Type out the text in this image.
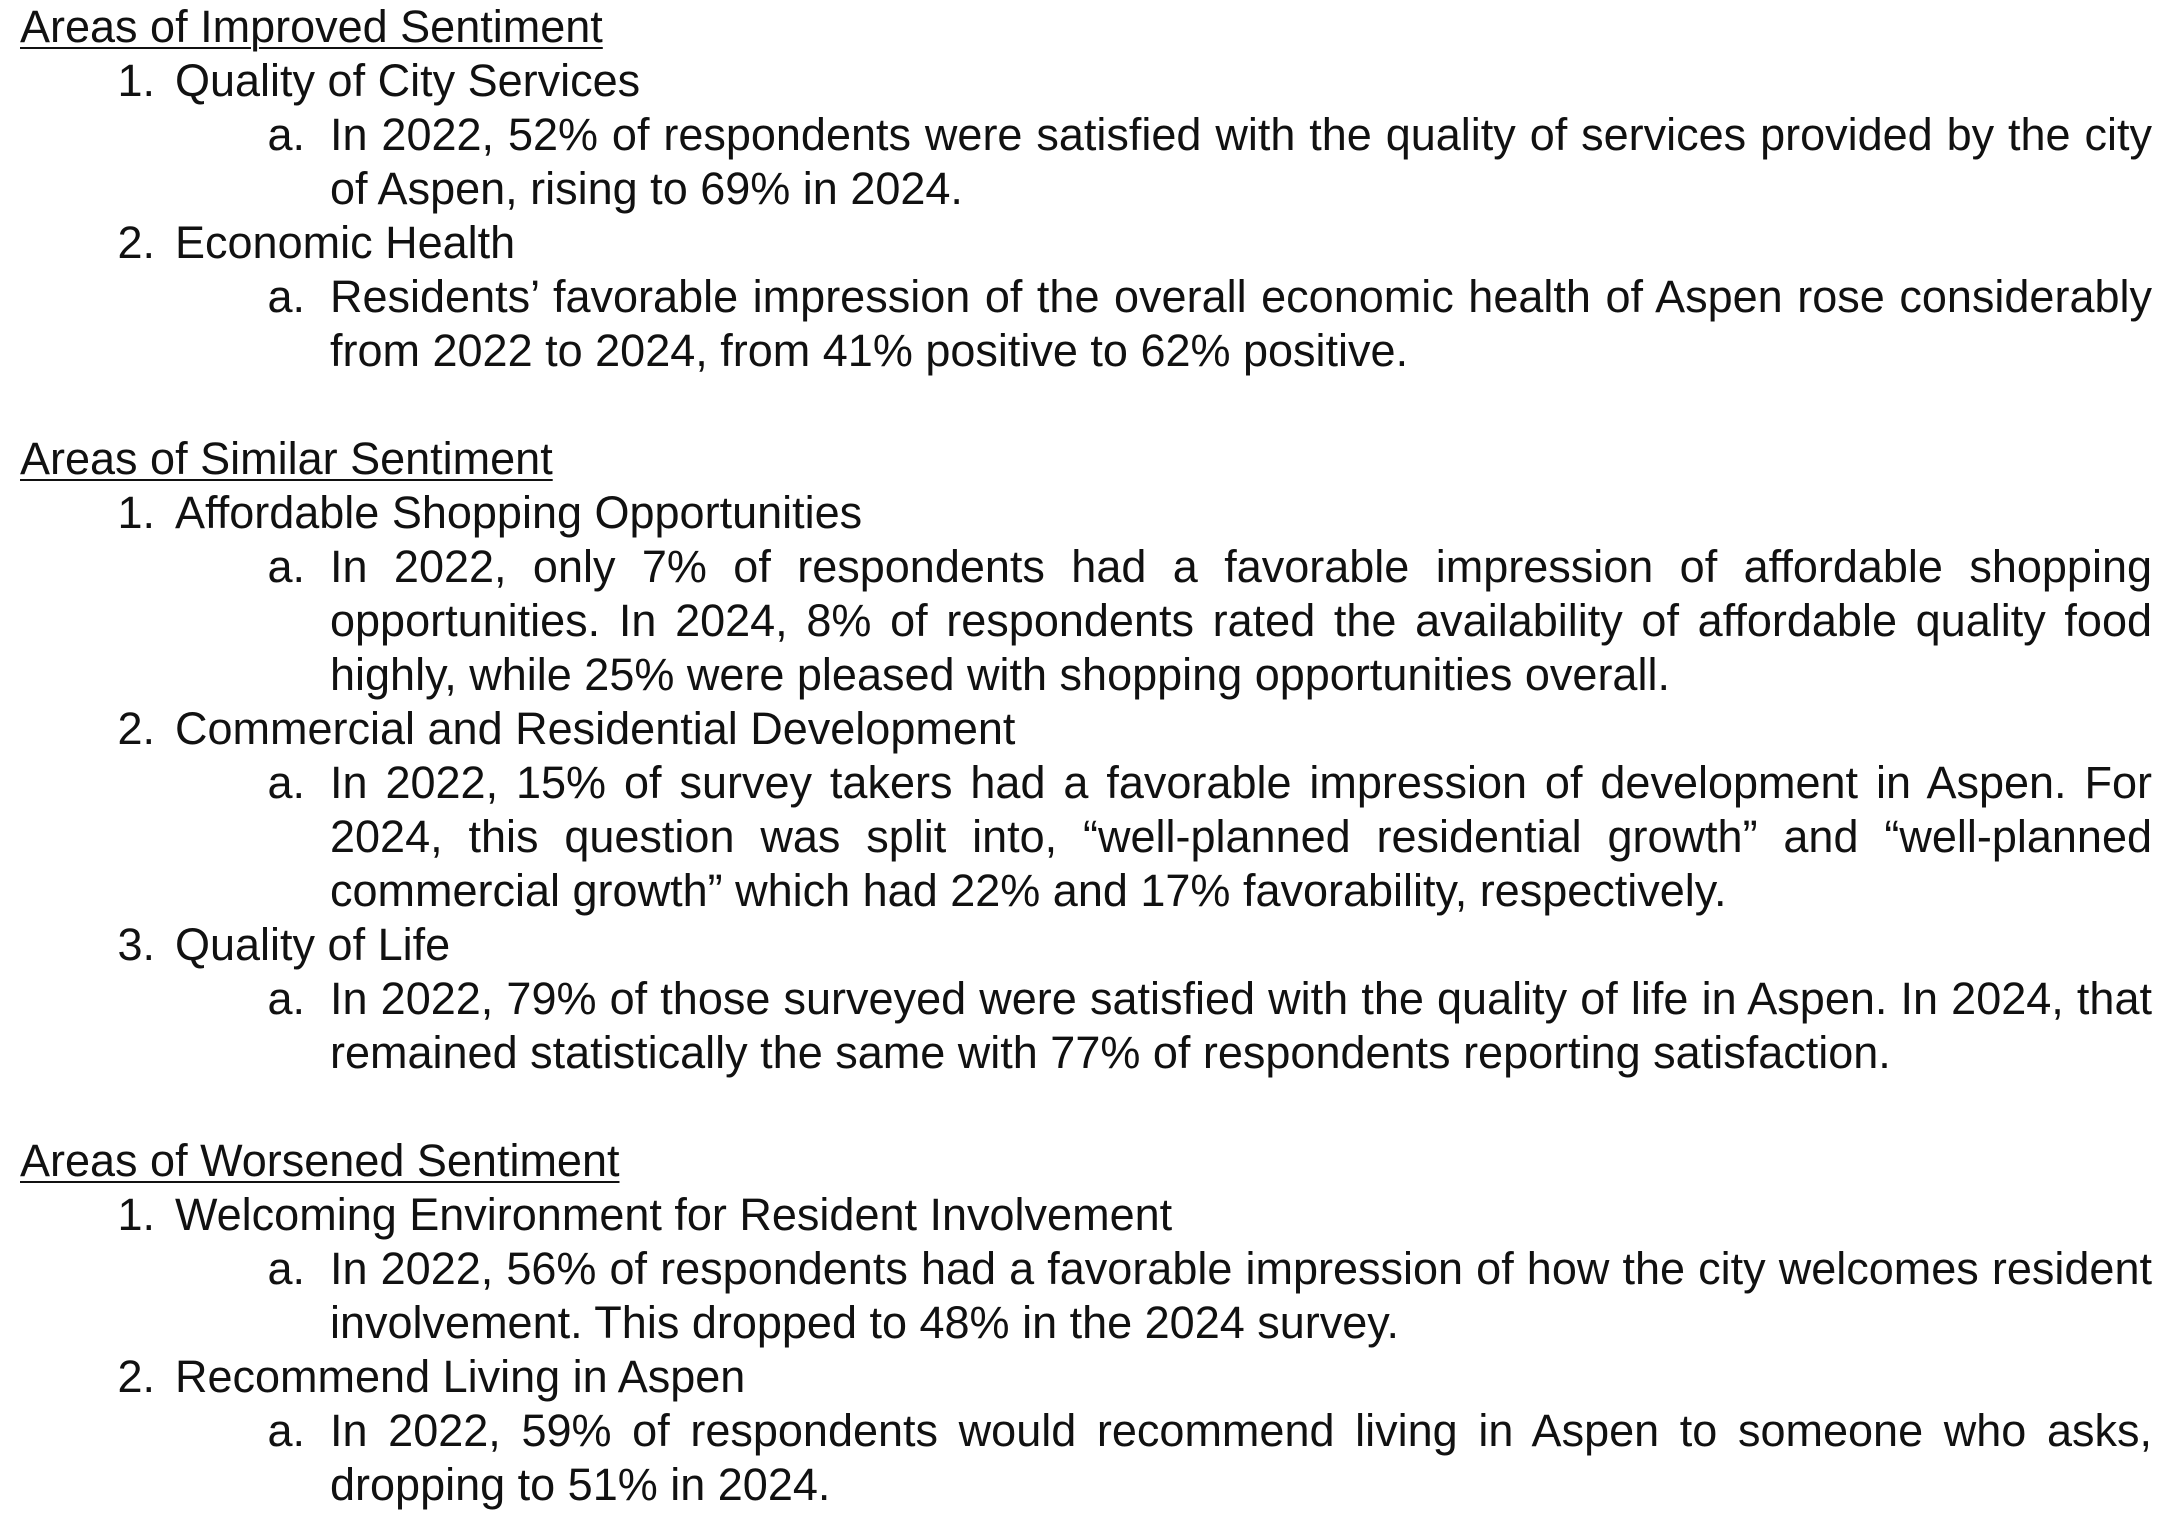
Areas of Improved Sentiment
1. Quality of City Services
a. In 2022, 52% of respondents were satisfied with the quality of services provided by the city of Aspen, rising to 69% in 2024.
2. Economic Health
a. Residents’ favorable impression of the overall economic health of Aspen rose considerably from 2022 to 2024, from 41% positive to 62% positive.
Areas of Similar Sentiment
1. Affordable Shopping Opportunities
a. In 2022, only 7% of respondents had a favorable impression of affordable shopping opportunities. In 2024, 8% of respondents rated the availability of affordable quality food highly, while 25% were pleased with shopping opportunities overall.
2. Commercial and Residential Development
a. In 2022, 15% of survey takers had a favorable impression of development in Aspen. For 2024, this question was split into, “well-planned residential growth” and “well-planned commercial growth” which had 22% and 17% favorability, respectively.
3. Quality of Life
a. In 2022, 79% of those surveyed were satisfied with the quality of life in Aspen. In 2024, that remained statistically the same with 77% of respondents reporting satisfaction.
Areas of Worsened Sentiment
1. Welcoming Environment for Resident Involvement
a. In 2022, 56% of respondents had a favorable impression of how the city welcomes resident involvement. This dropped to 48% in the 2024 survey.
2. Recommend Living in Aspen
a. In 2022, 59% of respondents would recommend living in Aspen to someone who asks, dropping to 51% in 2024.
